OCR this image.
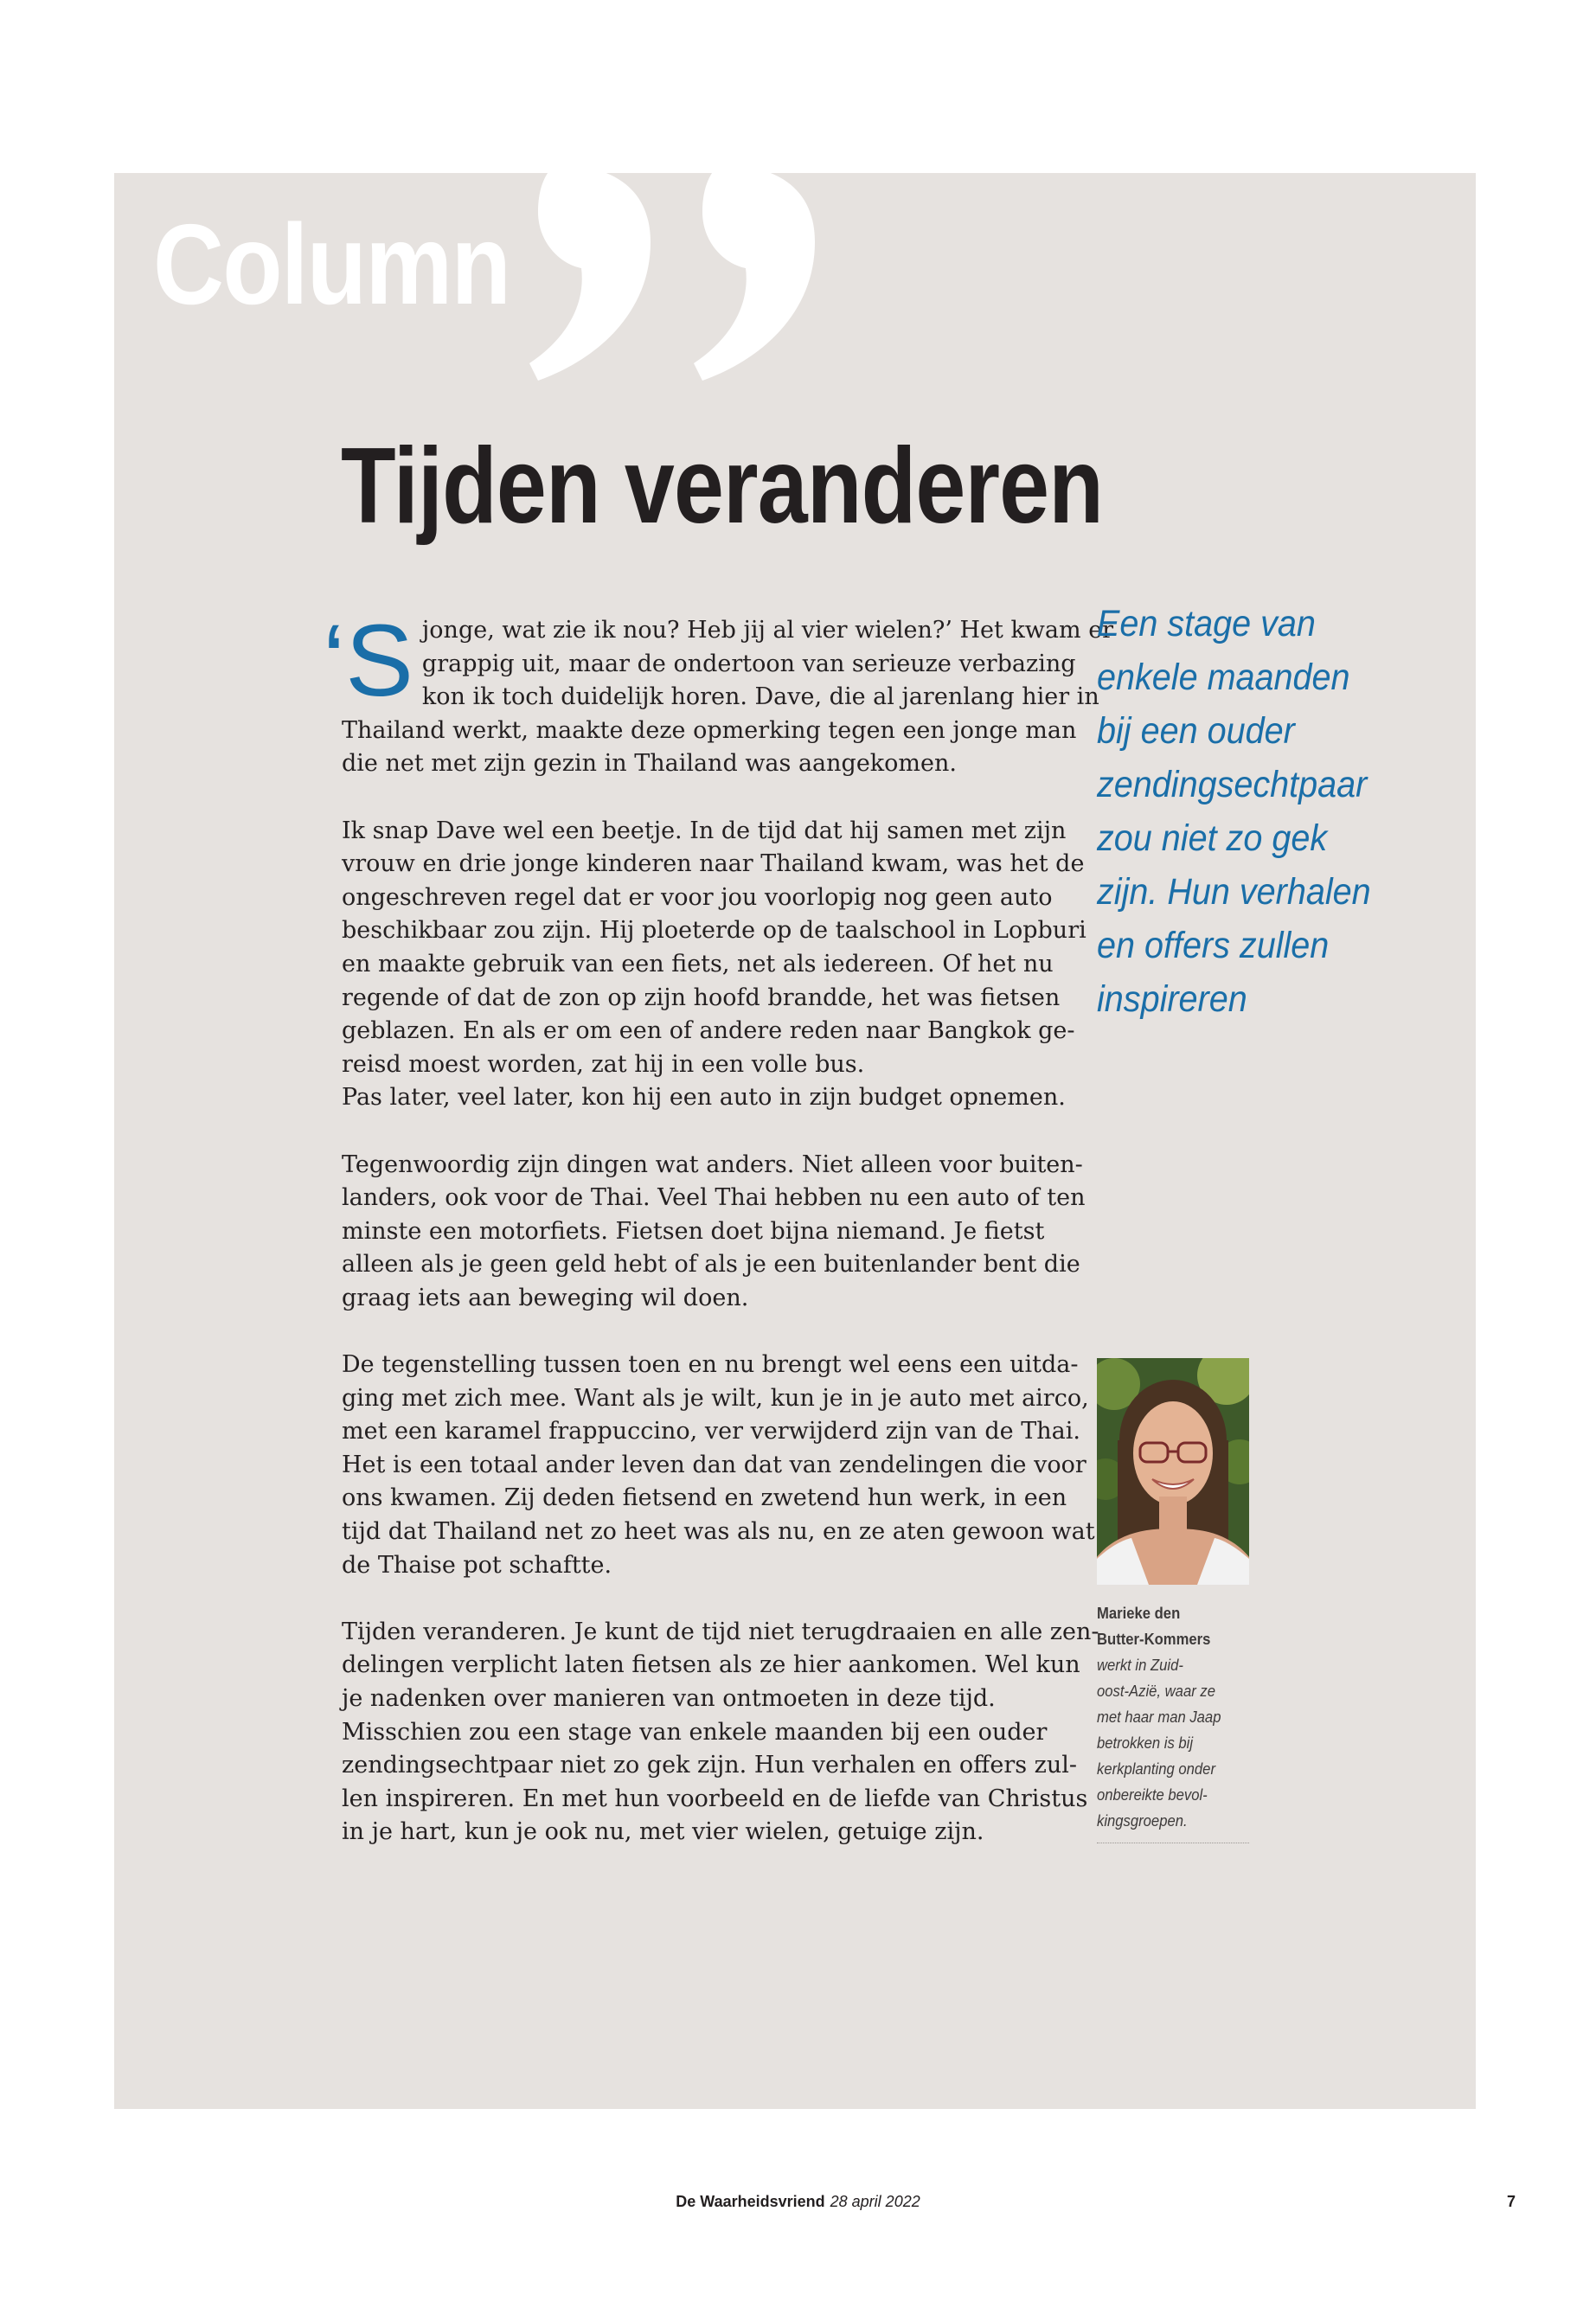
Column
Tijden veranderen

‘Sjonge, wat zie ik nou? Heb jij al vier wielen?’ Het kwam er
grappig uit, maar de ondertoon van serieuze verbazing
kon ik toch duidelijk horen. Dave, die al jarenlang hier in
Thailand werkt, maakte deze opmerking tegen een jonge man
die net met zijn gezin in Thailand was aangekomen.

Ik snap Dave wel een beetje. In de tijd dat hij samen met zijn
vrouw en drie jonge kinderen naar Thailand kwam, was het de
ongeschreven regel dat er voor jou voorlopig nog geen auto
beschikbaar zou zijn. Hij ploeterde op de taalschool in Lopburi
en maakte gebruik van een fiets, net als iedereen. Of het nu
regende of dat de zon op zijn hoofd brandde, het was fietsen
geblazen. En als er om een of andere reden naar Bangkok ge-
reisd moest worden, zat hij in een volle bus.
Pas later, veel later, kon hij een auto in zijn budget opnemen.

Tegenwoordig zijn dingen wat anders. Niet alleen voor buiten-
landers, ook voor de Thai. Veel Thai hebben nu een auto of ten
minste een motorfiets. Fietsen doet bijna niemand. Je fietst
alleen als je geen geld hebt of als je een buitenlander bent die
graag iets aan beweging wil doen.

De tegenstelling tussen toen en nu brengt wel eens een uitda-
ging met zich mee. Want als je wilt, kun je in je auto met airco,
met een karamel frappuccino, ver verwijderd zijn van de Thai.
Het is een totaal ander leven dan dat van zendelingen die voor
ons kwamen. Zij deden fietsend en zwetend hun werk, in een
tijd dat Thailand net zo heet was als nu, en ze aten gewoon wat
de Thaise pot schaftte.

Tijden veranderen. Je kunt de tijd niet terugdraaien en alle zen-
delingen verplicht laten fietsen als ze hier aankomen. Wel kun
je nadenken over manieren van ontmoeten in deze tijd.
Misschien zou een stage van enkele maanden bij een ouder
zendingsechtpaar niet zo gek zijn. Hun verhalen en offers zul-
len inspireren. En met hun voorbeeld en de liefde van Christus
in je hart, kun je ook nu, met vier wielen, getuige zijn.

Een stage van
enkele maanden
bij een ouder
zendingsechtpaar
zou niet zo gek
zijn. Hun verhalen
en offers zullen
inspireren
Marieke den
Butter-Kommers
werkt in Zuid-
oost-Azië, waar ze
met haar man Jaap
betrokken is bij
kerkplanting onder
onbereikte bevol-
kingsgroepen.
De Waarheidsvriend 28 april 2022	7
